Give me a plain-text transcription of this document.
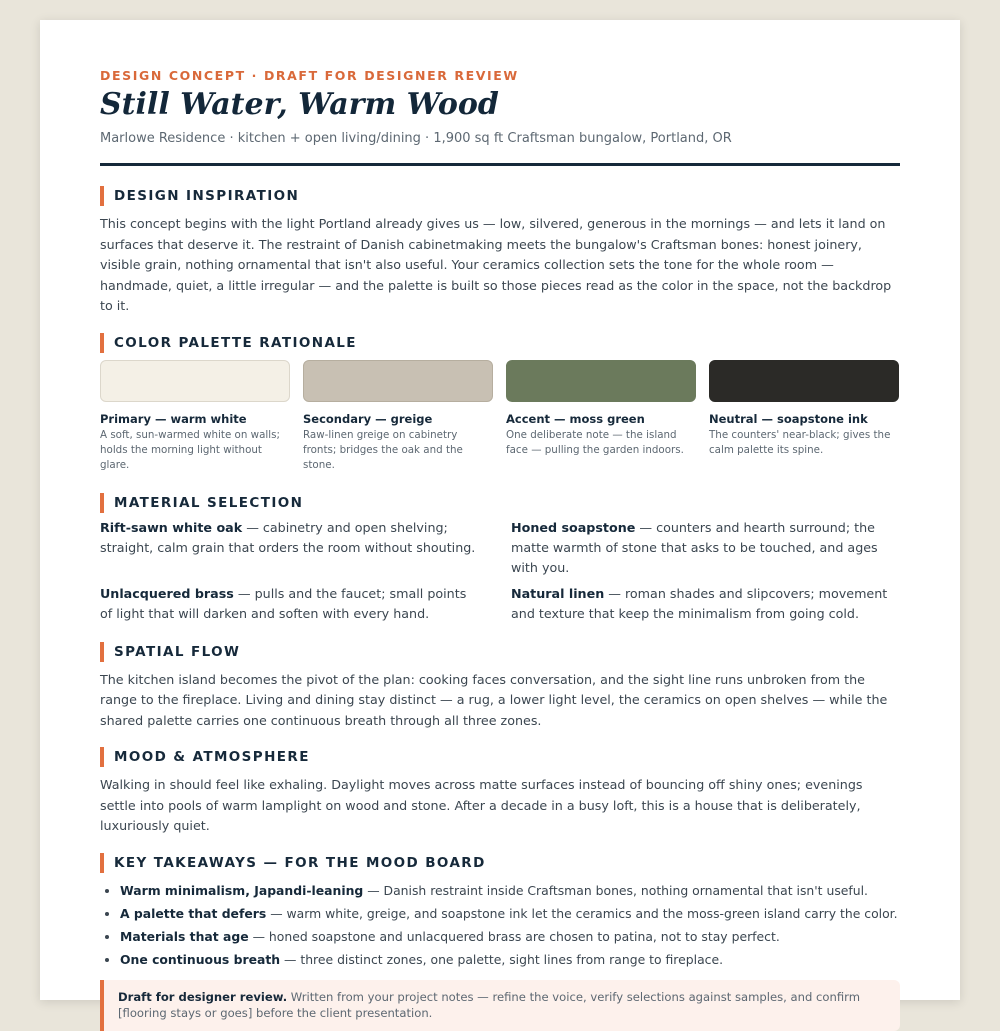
DESIGN CONCEPT · DRAFT FOR DESIGNER REVIEW
Still Water, Warm Wood
Marlowe Residence · kitchen + open living/dining · 1,900 sq ft Craftsman bungalow, Portland, OR
DESIGN INSPIRATION

This concept begins with the light Portland already gives us — low, silvered, generous in the mornings — and lets it land on surfaces that deserve it. The restraint of Danish cabinetmaking meets the bungalow's Craftsman bones: honest joinery, visible grain, nothing ornamental that isn't also useful. Your ceramics collection sets the tone for the whole room — handmade, quiet, a little irregular — and the palette is built so those pieces read as the color in the space, not the backdrop to it.

COLOR PALETTE RATIONALE
Primary — warm white
A soft, sun-warmed white on walls; holds the morning light without glare.
Secondary — greige
Raw-linen greige on cabinetry fronts; bridges the oak and the stone.
Accent — moss green
One deliberate note — the island face — pulling the garden indoors.
Neutral — soapstone ink
The counters' near-black; gives the calm palette its spine.
MATERIAL SELECTION
Rift-sawn white oak — cabinetry and open shelving; straight, calm grain that orders the room without shouting.
Honed soapstone — counters and hearth surround; the matte warmth of stone that asks to be touched, and ages with you.
Unlacquered brass — pulls and the faucet; small points of light that will darken and soften with every hand.
Natural linen — roman shades and slipcovers; movement and texture that keep the minimalism from going cold.
SPATIAL FLOW

The kitchen island becomes the pivot of the plan: cooking faces conversation, and the sight line runs unbroken from the range to the fireplace. Living and dining stay distinct — a rug, a lower light level, the ceramics on open shelves — while the shared palette carries one continuous breath through all three zones.

MOOD & ATMOSPHERE

Walking in should feel like exhaling. Daylight moves across matte surfaces instead of bouncing off shiny ones; evenings settle into pools of warm lamplight on wood and stone. After a decade in a busy loft, this is a house that is deliberately, luxuriously quiet.

KEY TAKEAWAYS — FOR THE MOOD BOARD
• Warm minimalism, Japandi-leaning — Danish restraint inside Craftsman bones, nothing ornamental that isn't useful.
• A palette that defers — warm white, greige, and soapstone ink let the ceramics and the moss-green island carry the color.
• Materials that age — honed soapstone and unlacquered brass are chosen to patina, not to stay perfect.
• One continuous breath — three distinct zones, one palette, sight lines from range to fireplace.
Draft for designer review. Written from your project notes — refine the voice, verify selections against samples, and confirm [flooring stays or goes] before the client presentation.
